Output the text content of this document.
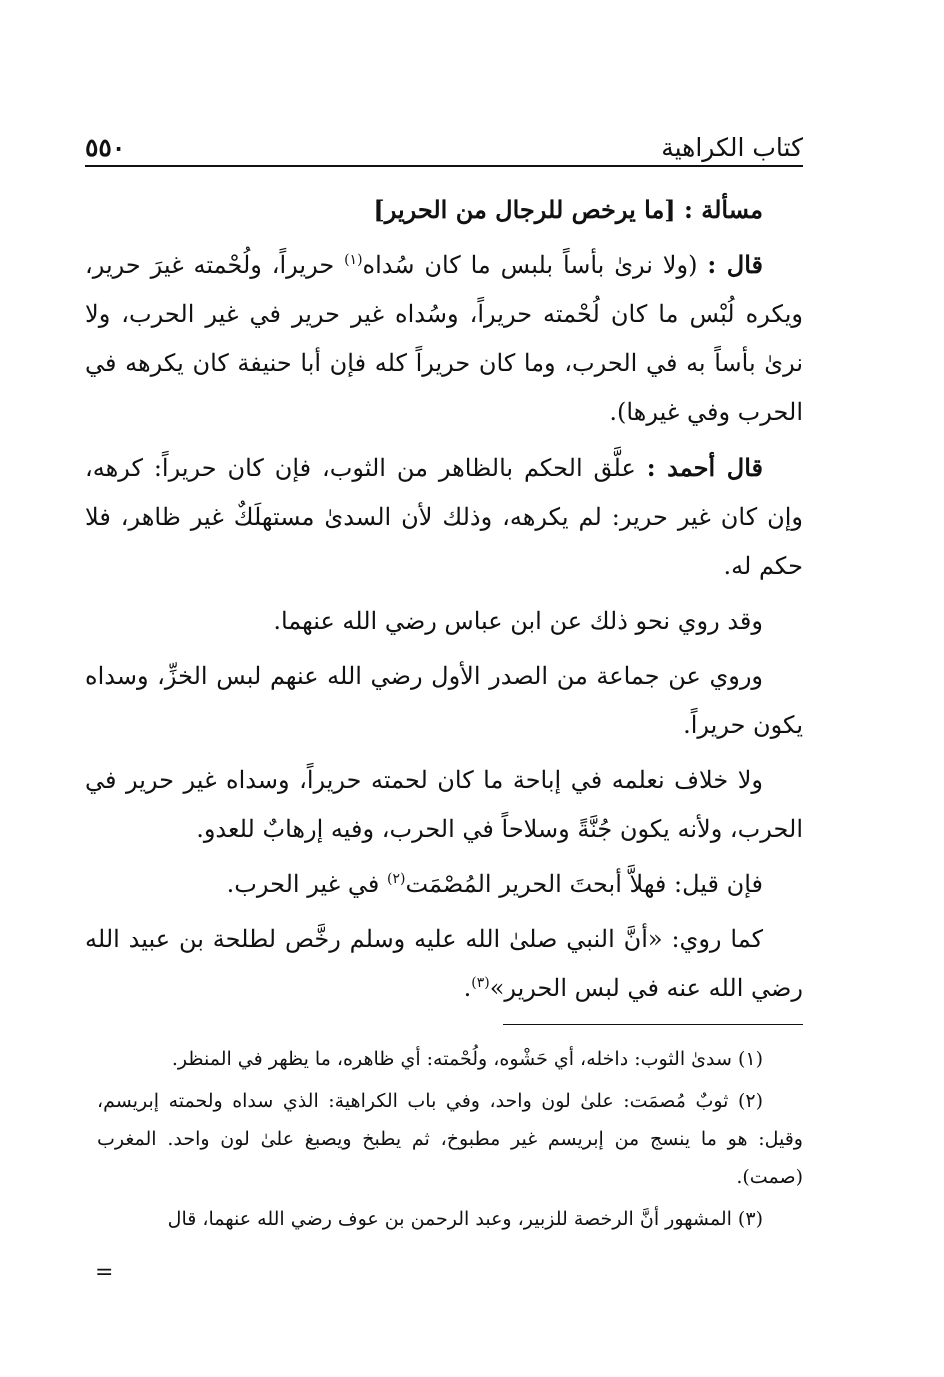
كتاب الكراهية
٥٥٠
مسألة : [ما يرخص للرجال من الحرير]

قال : (ولا نرىٰ بأساً بلبس ما كان سُداه$^{(١)}$ حريراً، ولُحْمته غيرَ حرير، ويكره لُبْس ما كان لُحْمته حريراً، وسُداه غير حرير في غير الحرب، ولا نرىٰ بأساً به في الحرب، وما كان حريراً كله فإن أبا حنيفة كان يكرهه في الحرب وفي غيرها).

قال أحمد : علَّق الحكم بالظاهر من الثوب، فإن كان حريراً: كرهه، وإن كان غير حرير: لم يكرهه، وذلك لأن السدىٰ مستهلَكٌ غير ظاهر، فلا حكم له.

وقد روي نحو ذلك عن ابن عباس رضي الله عنهما.

وروي عن جماعة من الصدر الأول رضي الله عنهم لبس الخزِّ، وسداه يكون حريراً.

ولا خلاف نعلمه في إباحة ما كان لحمته حريراً، وسداه غير حرير في الحرب، ولأنه يكون جُنَّةً وسلاحاً في الحرب، وفيه إرهابٌ للعدو.

فإن قيل: فهلاَّ أبحتَ الحرير المُصْمَت$^{(٢)}$ في غير الحرب.

كما روي: «أنَّ النبي صلىٰ الله عليه وسلم رخَّص لطلحة بن عبيد الله رضي الله عنه في لبس الحرير»$^{(٣)}$.

(١) سدىٰ الثوب: داخله، أي حَشْوه، ولُحْمته: أي ظاهره، ما يظهر في المنظر.

(٢) ثوبٌ مُصمَت: علىٰ لون واحد، وفي باب الكراهية: الذي سداه ولحمته إبريسم، وقيل: هو ما ينسج من إبريسم غير مطبوخ، ثم يطبخ ويصبغ علىٰ لون واحد. المغرب (صمت).

(٣) المشهور أنَّ الرخصة للزبير، وعبد الرحمن بن عوف رضي الله عنهما، قال

=
